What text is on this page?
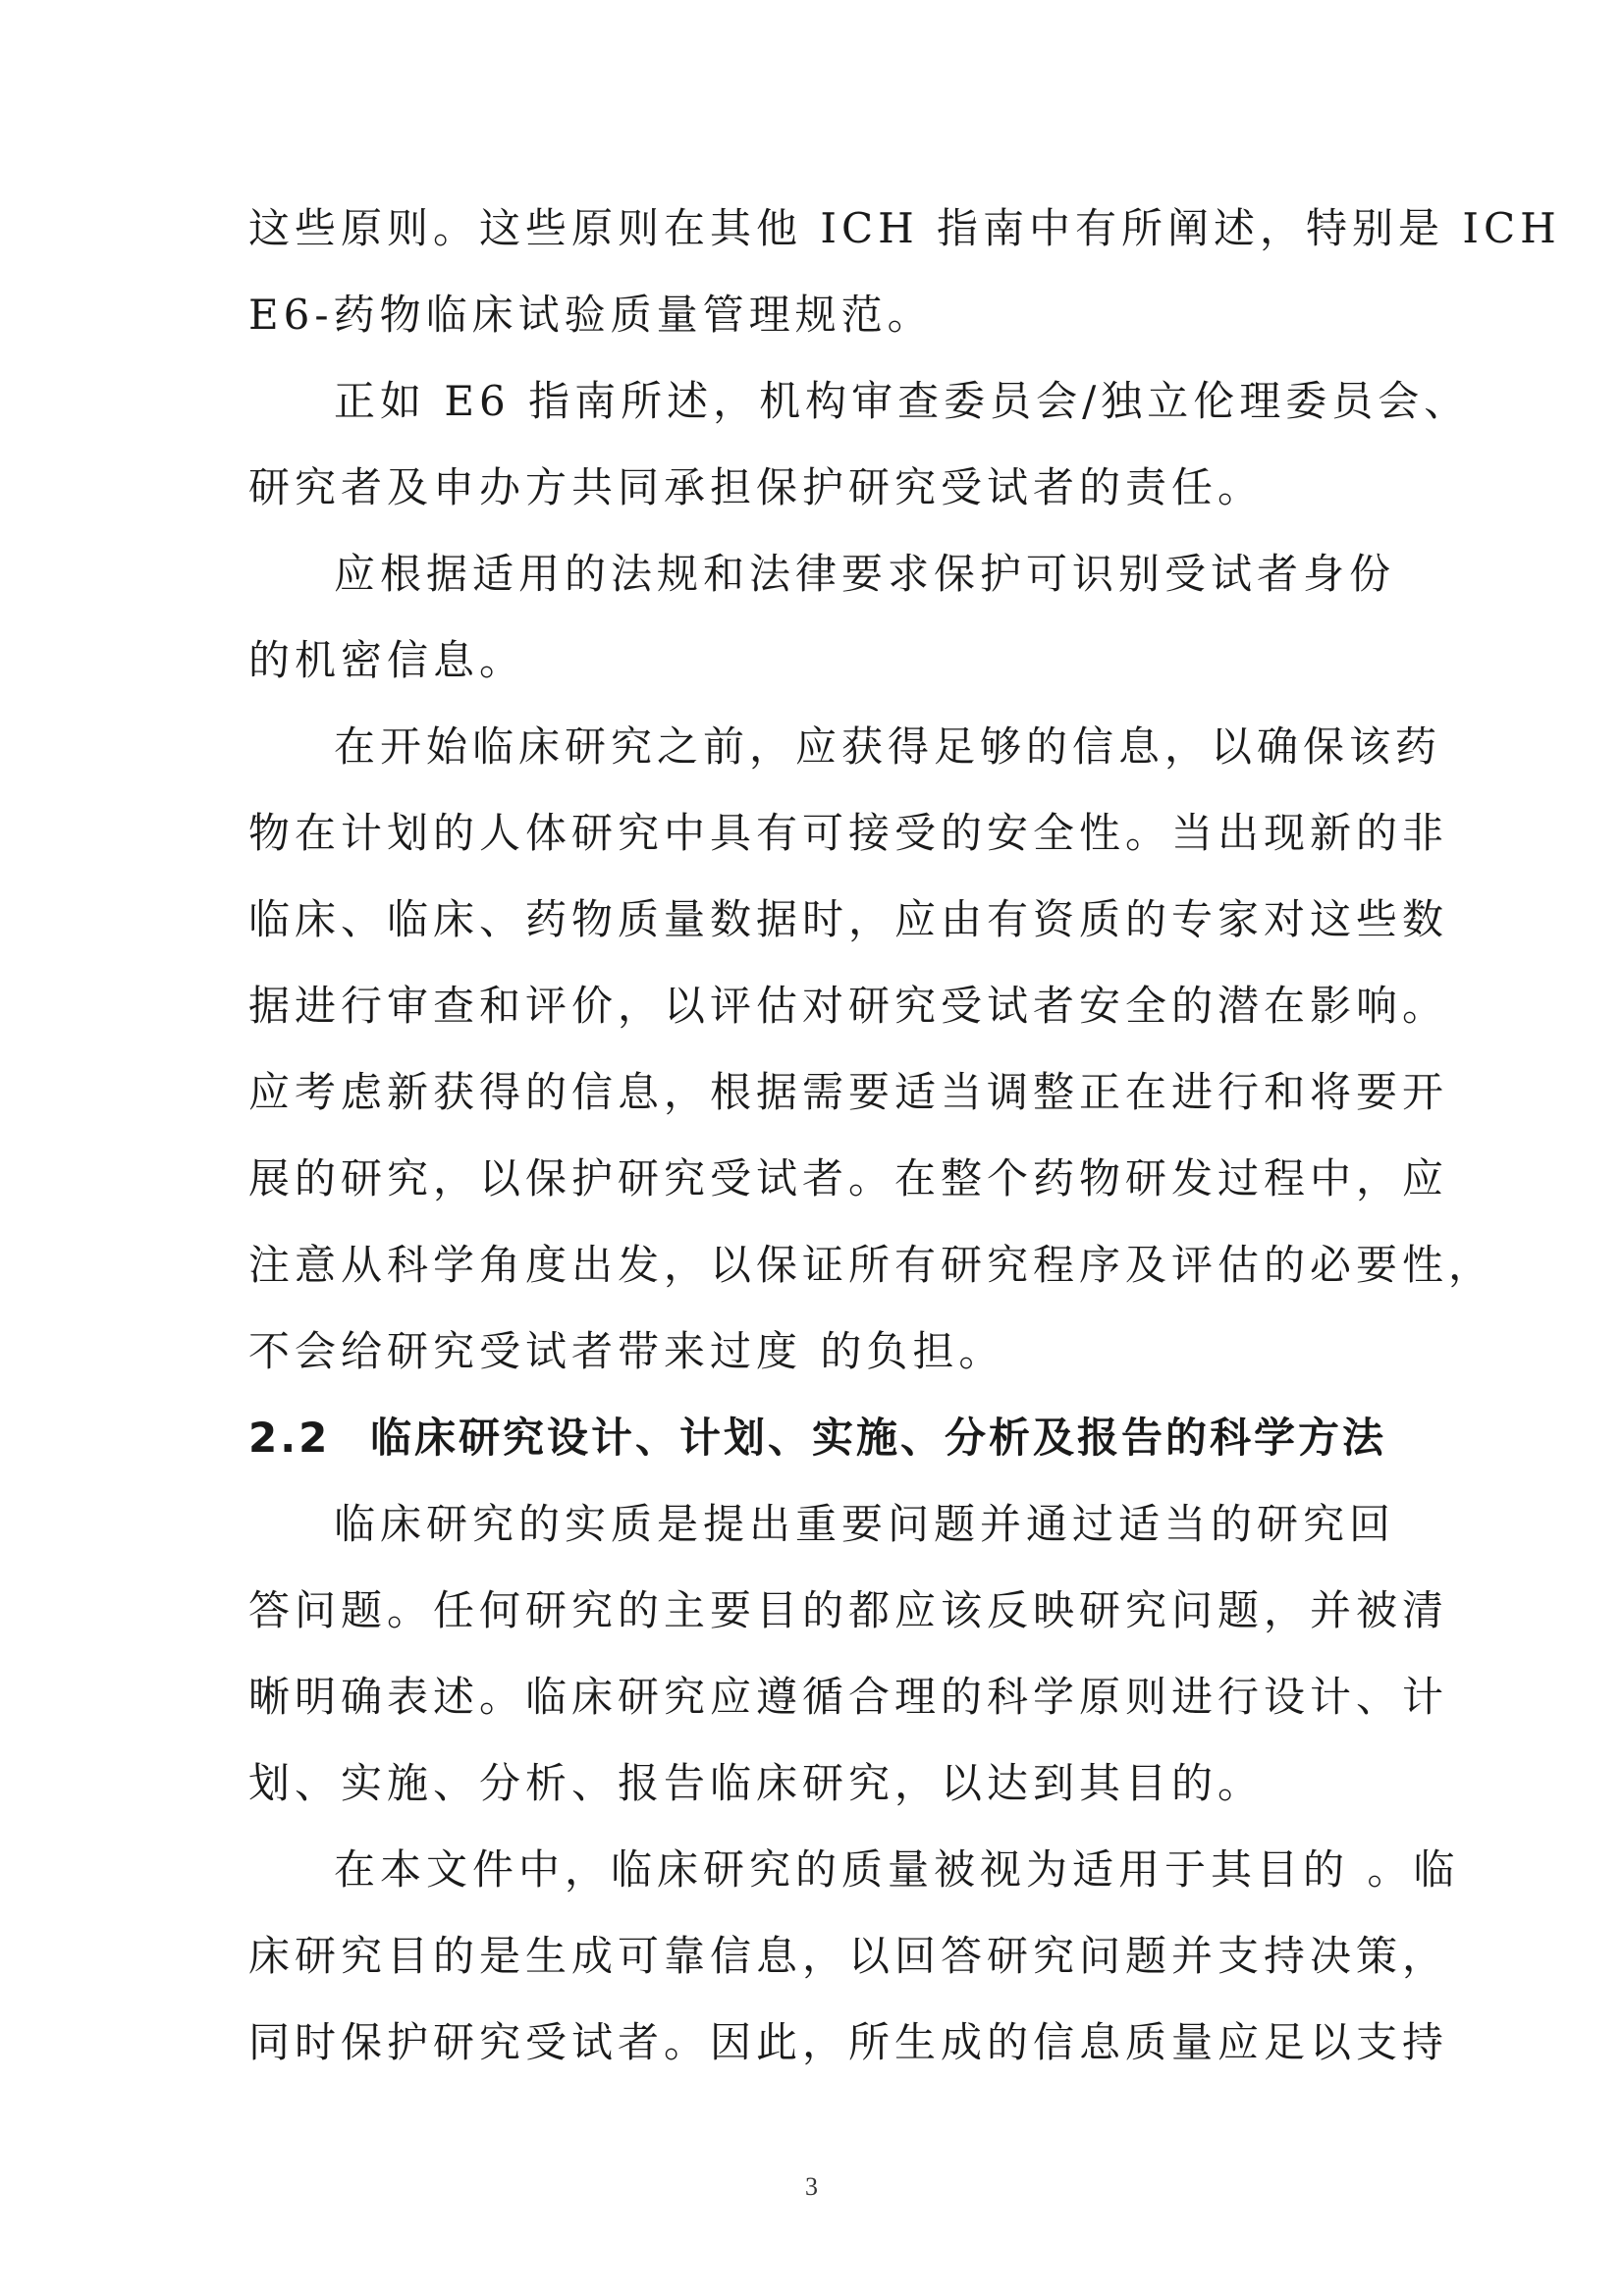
这些原则。这些原则在其他 ICH 指南中有所阐述，特别是 ICH
E6-药物临床试验质量管理规范。
正如 E6 指南所述，机构审查委员会/独立伦理委员会、
研究者及申办方共同承担保护研究受试者的责任。
应根据适用的法规和法律要求保护可识别受试者身份
的机密信息。
在开始临床研究之前，应获得足够的信息，以确保该药
物在计划的人体研究中具有可接受的安全性。当出现新的非
临床、临床、药物质量数据时，应由有资质的专家对这些数
据进行审查和评价，以评估对研究受试者安全的潜在影响。
应考虑新获得的信息，根据需要适当调整正在进行和将要开
展的研究，以保护研究受试者。在整个药物研发过程中，应
注意从科学角度出发，以保证所有研究程序及评估的必要性，
不会给研究受试者带来过度 的负担。
2.2 临床研究设计、计划、实施、分析及报告的科学方法
临床研究的实质是提出重要问题并通过适当的研究回
答问题。任何研究的主要目的都应该反映研究问题，并被清
晰明确表述。临床研究应遵循合理的科学原则进行设计、计
划、实施、分析、报告临床研究，以达到其目的。
在本文件中，临床研究的质量被视为适用于其目的 。临
床研究目的是生成可靠信息，以回答研究问题并支持决策，
同时保护研究受试者。因此，所生成的信息质量应足以支持
3
